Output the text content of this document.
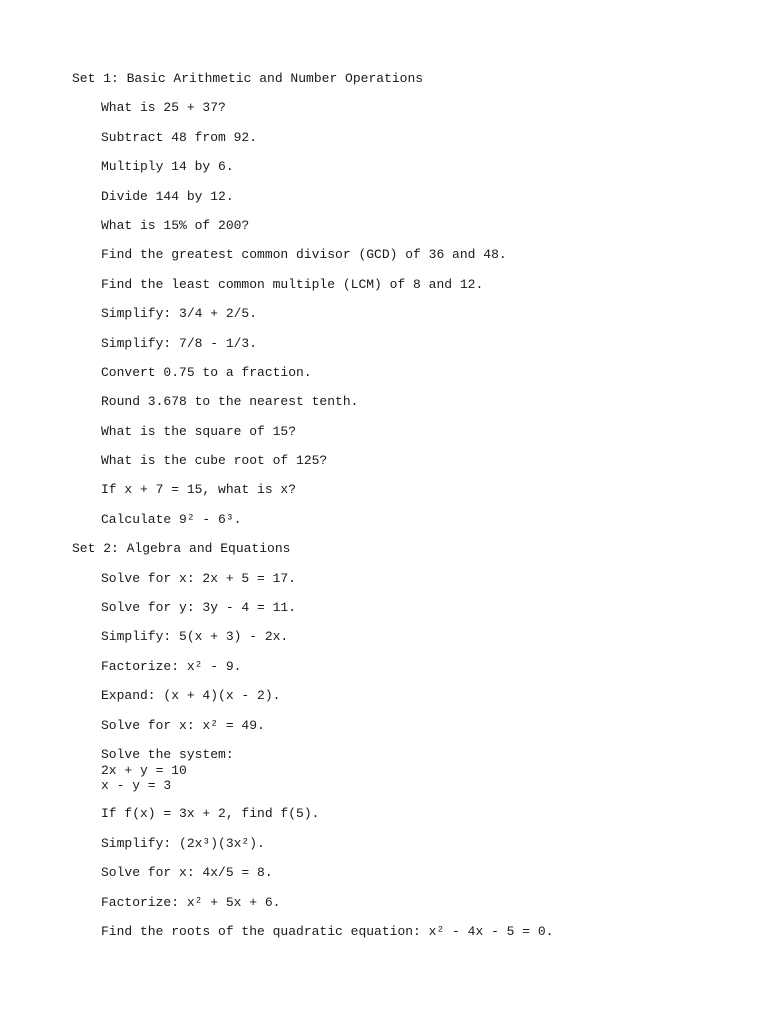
Set 1: Basic Arithmetic and Number Operations
What is 25 + 37?
Subtract 48 from 92.
Multiply 14 by 6.
Divide 144 by 12.
What is 15% of 200?
Find the greatest common divisor (GCD) of 36 and 48.
Find the least common multiple (LCM) of 8 and 12.
Simplify: 3/4 + 2/5.
Simplify: 7/8 - 1/3.
Convert 0.75 to a fraction.
Round 3.678 to the nearest tenth.
What is the square of 15?
What is the cube root of 125?
If x + 7 = 15, what is x?
Calculate 9² - 6³.
Set 2: Algebra and Equations
Solve for x: 2x + 5 = 17.
Solve for y: 3y - 4 = 11.
Simplify: 5(x + 3) - 2x.
Factorize: x² - 9.
Expand: (x + 4)(x - 2).
Solve for x: x² = 49.
Solve the system:
2x + y = 10
x - y = 3
If f(x) = 3x + 2, find f(5).
Simplify: (2x³)(3x²).
Solve for x: 4x/5 = 8.
Factorize: x² + 5x + 6.
Find the roots of the quadratic equation: x² - 4x - 5 = 0.
